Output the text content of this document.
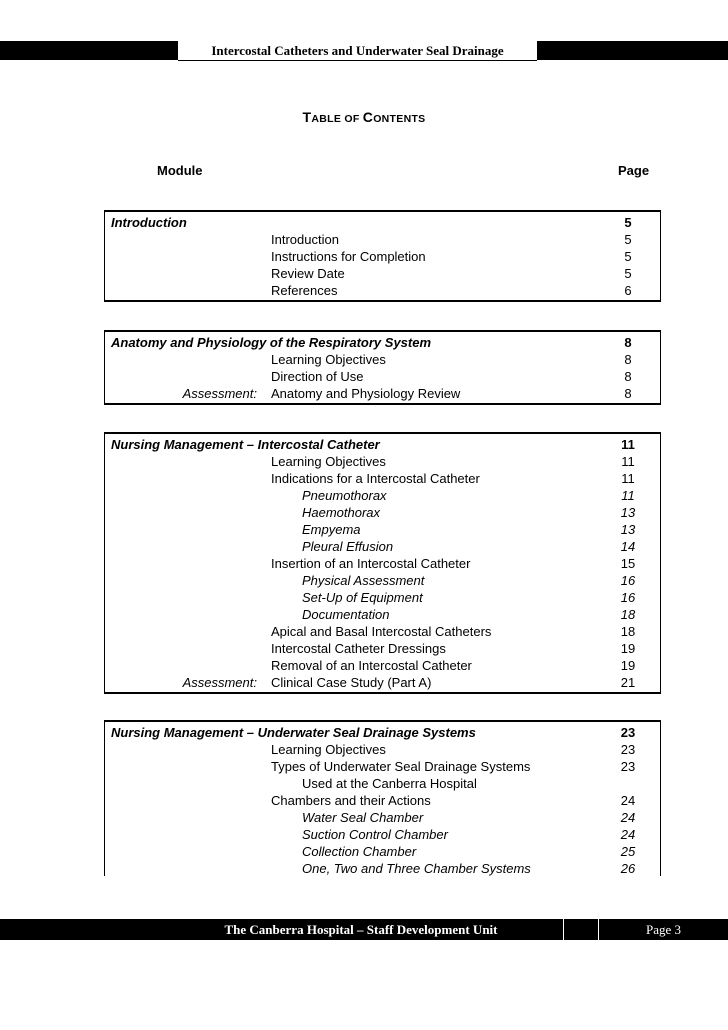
Intercostal Catheters and Underwater Seal Drainage
TABLE OF CONTENTS
Module	Page
Introduction	5
Introduction	5
Instructions for Completion	5
Review Date	5
References	6
Anatomy and Physiology of the Respiratory System	8
Learning Objectives	8
Direction of Use	8
Assessment: Anatomy and Physiology Review	8
Nursing Management – Intercostal Catheter	11
Learning Objectives	11
Indications for a Intercostal Catheter	11
Pneumothorax	11
Haemothorax	13
Empyema	13
Pleural Effusion	14
Insertion of an Intercostal Catheter	15
Physical Assessment	16
Set-Up of Equipment	16
Documentation	18
Apical and Basal Intercostal Catheters	18
Intercostal Catheter Dressings	19
Removal of an Intercostal Catheter	19
Assessment: Clinical Case Study (Part A)	21
Nursing Management – Underwater Seal Drainage Systems	23
Learning Objectives	23
Types of Underwater Seal Drainage Systems	23
Used at the Canberra Hospital
Chambers and their Actions	24
Water Seal Chamber	24
Suction Control Chamber	24
Collection Chamber	25
One, Two and Three Chamber Systems	26
The Canberra Hospital – Staff Development Unit	Page 3
